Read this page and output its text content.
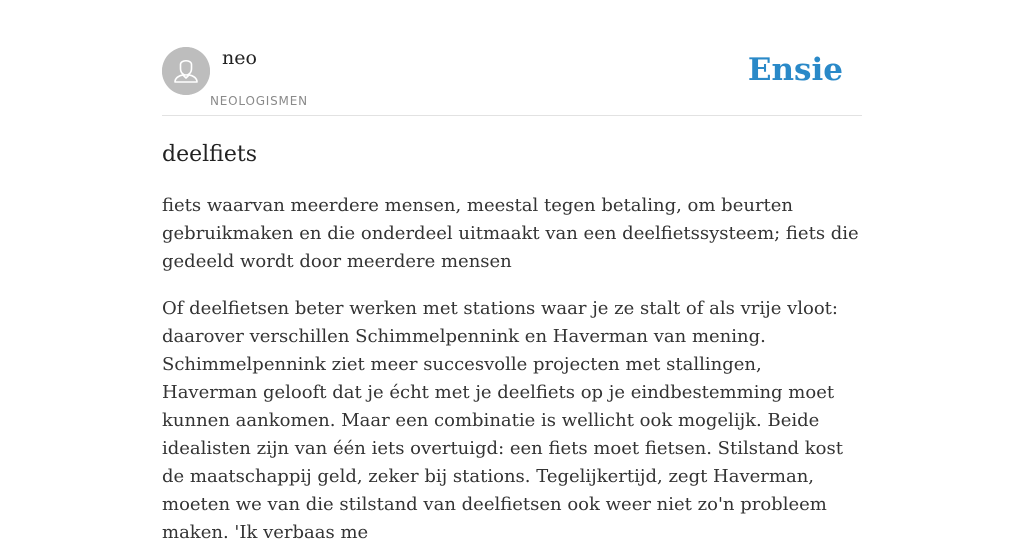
neo
NEOLOGISMEN
Ensie
deelfiets

fiets waarvan meerdere mensen, meestal tegen betaling, om beurten gebruikmaken en die onderdeel uitmaakt van een deelfietssysteem; fiets die gedeeld wordt door meerdere mensen

Of deelfietsen beter werken met stations waar je ze stalt of als vrije vloot: daarover verschillen Schimmelpennink en Haverman van mening. Schimmelpennink ziet meer succesvolle projecten met stallingen, Haverman gelooft dat je écht met je deelfiets op je eindbestemming moet kunnen aankomen. Maar een combinatie is wellicht ook mogelijk. Beide idealisten zijn van één iets overtuigd: een fiets moet fietsen. Stilstand kost de maatschappij geld, zeker bij stations. Tegelijkertijd, zegt Haverman, moeten we van die stilstand van deelfietsen ook weer niet zo'n probleem maken. 'Ik verbaas me
